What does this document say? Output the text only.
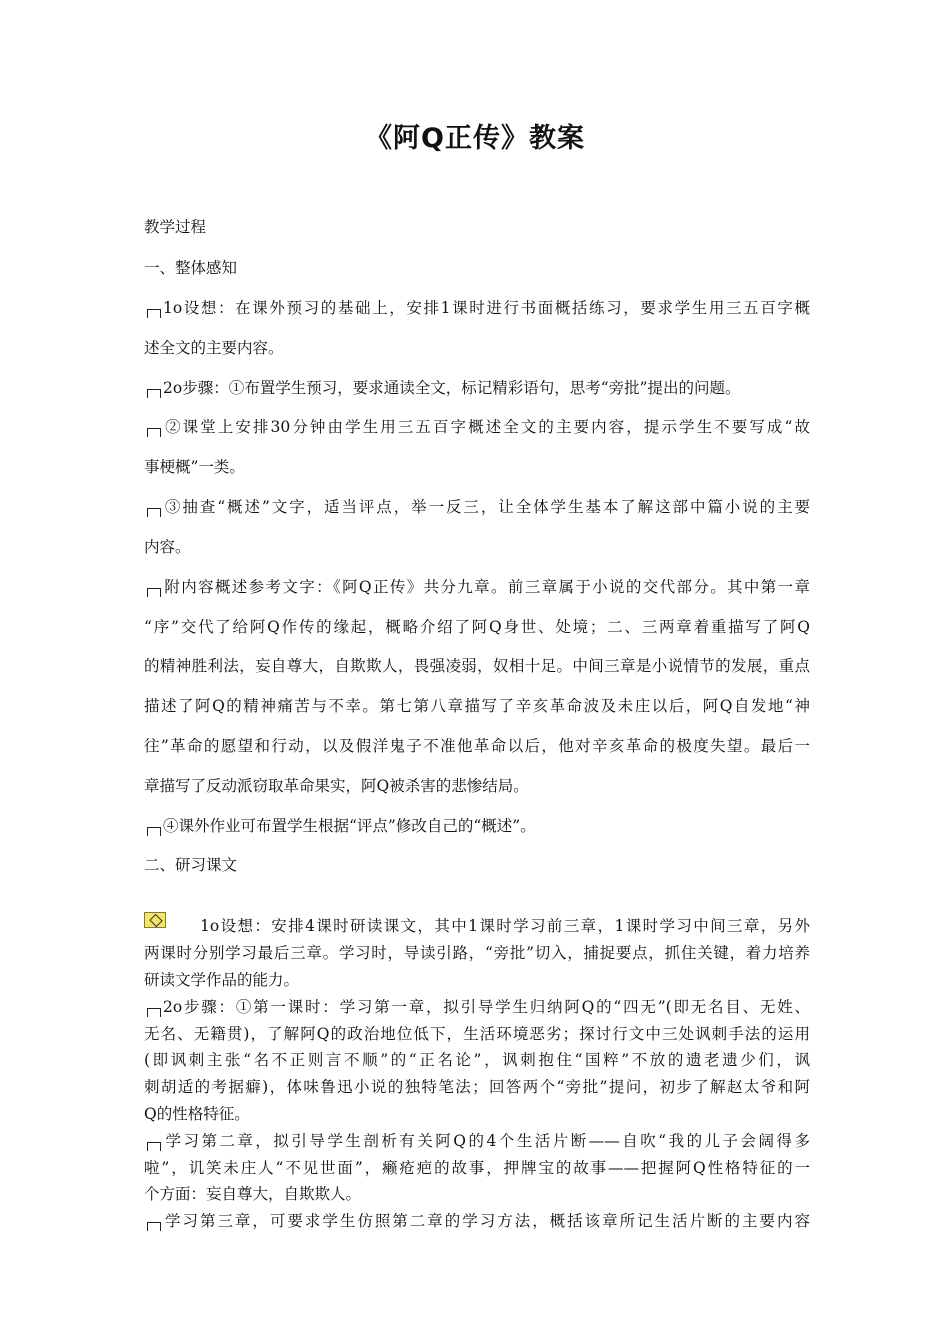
《阿Q正传》教案
教学过程
一、整体感知
1o设想：在课外预习的基础上，安排1课时进行书面概括练习，要求学生用三五百字概
述全文的主要内容。
2o步骤：①布置学生预习，要求通读全文，标记精彩语句，思考“旁批”提出的问题。
②课堂上安排30分钟由学生用三五百字概述全文的主要内容，提示学生不要写成“故
事梗概”一类。
③抽查“概述”文字，适当评点，举一反三，让全体学生基本了解这部中篇小说的主要
内容。
附内容概述参考文字：《阿Q正传》共分九章。前三章属于小说的交代部分。其中第一章
“序”交代了给阿Q作传的缘起，概略介绍了阿Q身世、处境；二、三两章着重描写了阿Q
的精神胜利法，妄自尊大，自欺欺人，畏强凌弱，奴相十足。中间三章是小说情节的发展，重点
描述了阿Q的精神痛苦与不幸。第七第八章描写了辛亥革命波及未庄以后，阿Q自发地“神
往”革命的愿望和行动，以及假洋鬼子不准他革命以后，他对辛亥革命的极度失望。最后一
章描写了反动派窃取革命果实，阿Q被杀害的悲惨结局。
④课外作业可布置学生根据“评点”修改自己的“概述”。
二、研习课文
1o设想：安排4课时研读课文，其中1课时学习前三章，1课时学习中间三章，另外
两课时分别学习最后三章。学习时，导读引路，“旁批”切入，捕捉要点，抓住关键，着力培养
研读文学作品的能力。
2o步骤：①第一课时：学习第一章，拟引导学生归纳阿Q的“四无”(即无名目、无姓、
无名、无籍贯)，了解阿Q的政治地位低下，生活环境恶劣；探讨行文中三处讽刺手法的运用
(即讽刺主张“名不正则言不顺”的“正名论”，讽刺抱住“国粹”不放的遗老遗少们，讽
刺胡适的考据癖)，体味鲁迅小说的独特笔法；回答两个“旁批”提问，初步了解赵太爷和阿
Q的性格特征。
学习第二章，拟引导学生剖析有关阿Q的4个生活片断——自吹“我的儿子会阔得多
啦”，讥笑未庄人“不见世面”，癞疮疤的故事，押牌宝的故事——把握阿Q性格特征的一
个方面：妄自尊大，自欺欺人。
学习第三章，可要求学生仿照第二章的学习方法，概括该章所记生活片断的主要内容
